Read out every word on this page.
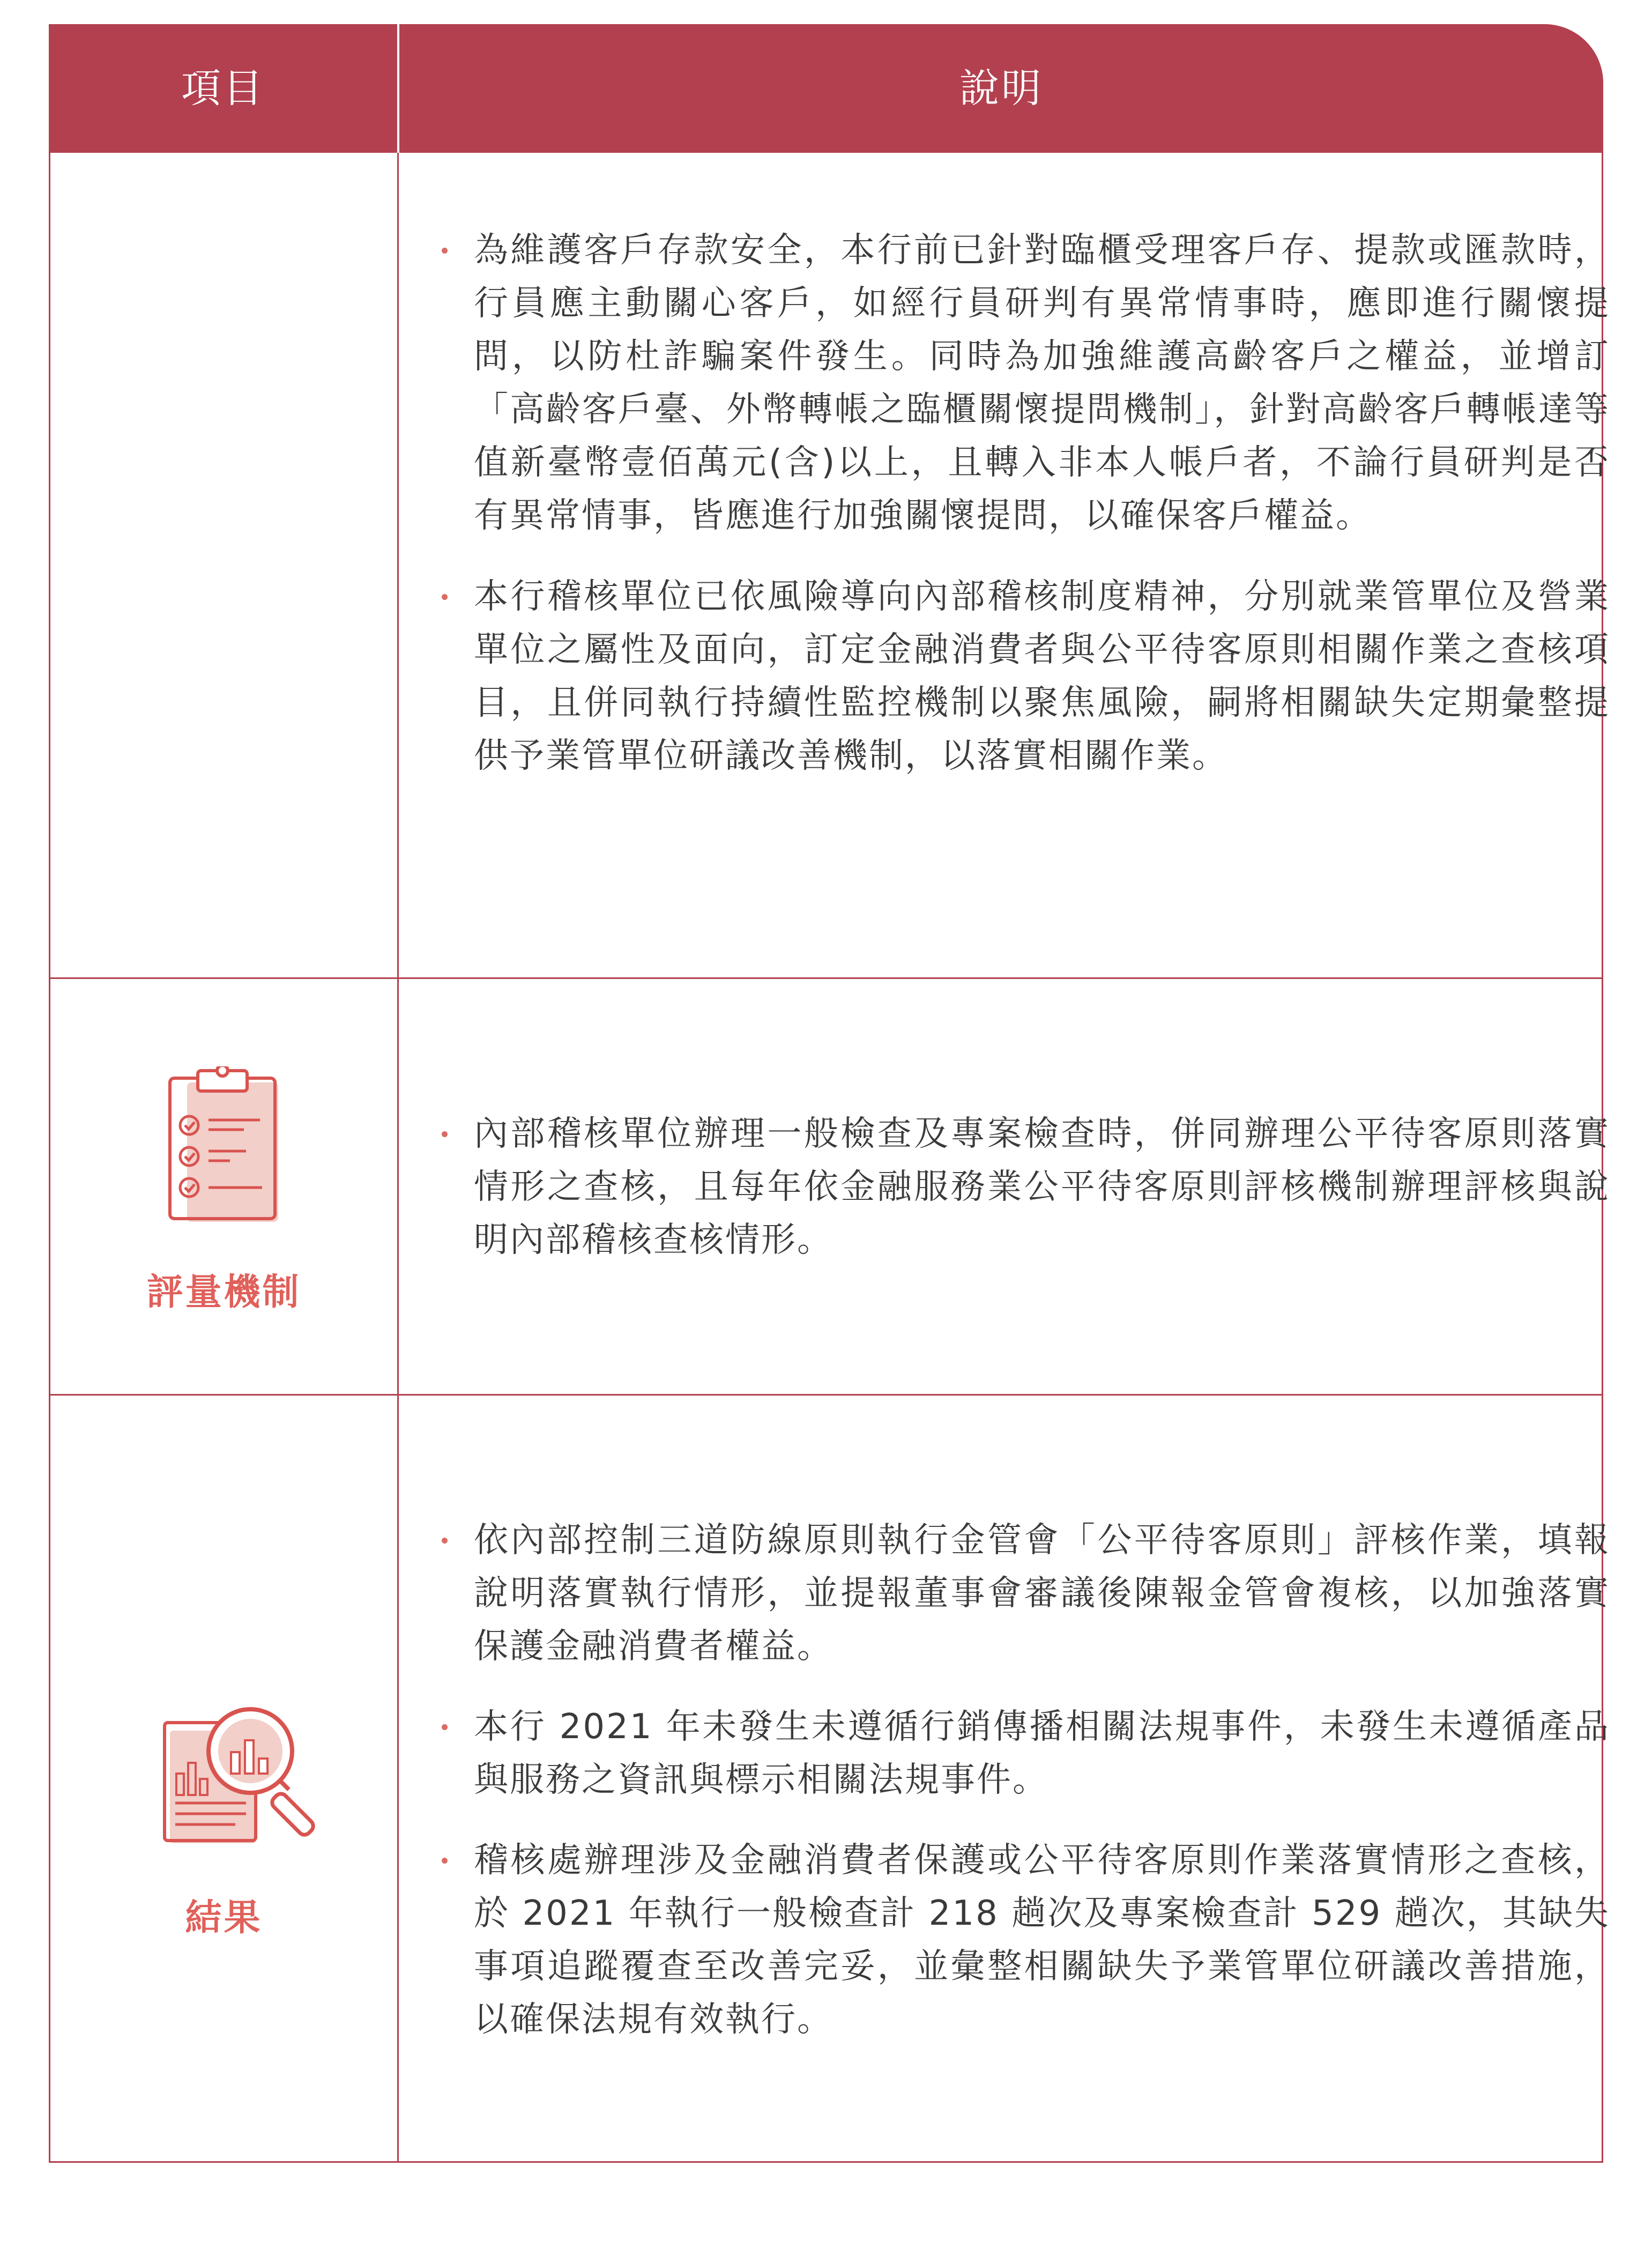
項目	說明
為維護客戶存款安全，本行前已針對臨櫃受理客戶存、提款或匯款時，行員應主動關心客戶，如經行員研判有異常情事時，應即進行關懷提問，以防杜詐騙案件發生。同時為加強維護高齡客戶之權益，並增訂「高齡客戶臺、外幣轉帳之臨櫃關懷提問機制」，針對高齡客戶轉帳達等值新臺幣壹佰萬元(含)以上，且轉入非本人帳戶者，不論行員研判是否有異常情事，皆應進行加強關懷提問，以確保客戶權益。
本行稽核單位已依風險導向內部稽核制度精神，分別就業管單位及營業單位之屬性及面向，訂定金融消費者與公平待客原則相關作業之查核項目，且併同執行持續性監控機制以聚焦風險，嗣將相關缺失定期彙整提供予業管單位研議改善機制，以落實相關作業。
評量機制
內部稽核單位辦理一般檢查及專案檢查時，併同辦理公平待客原則落實情形之查核，且每年依金融服務業公平待客原則評核機制辦理評核與說明內部稽核查核情形。
結果
依內部控制三道防線原則執行金管會「公平待客原則」評核作業，填報說明落實執行情形，並提報董事會審議後陳報金管會複核，以加強落實保護金融消費者權益。
本行 2021 年未發生未遵循行銷傳播相關法規事件，未發生未遵循產品與服務之資訊與標示相關法規事件。
稽核處辦理涉及金融消費者保護或公平待客原則作業落實情形之查核，於 2021 年執行一般檢查計 218 趟次及專案檢查計 529 趟次，其缺失事項追蹤覆查至改善完妥，並彙整相關缺失予業管單位研議改善措施，以確保法規有效執行。
